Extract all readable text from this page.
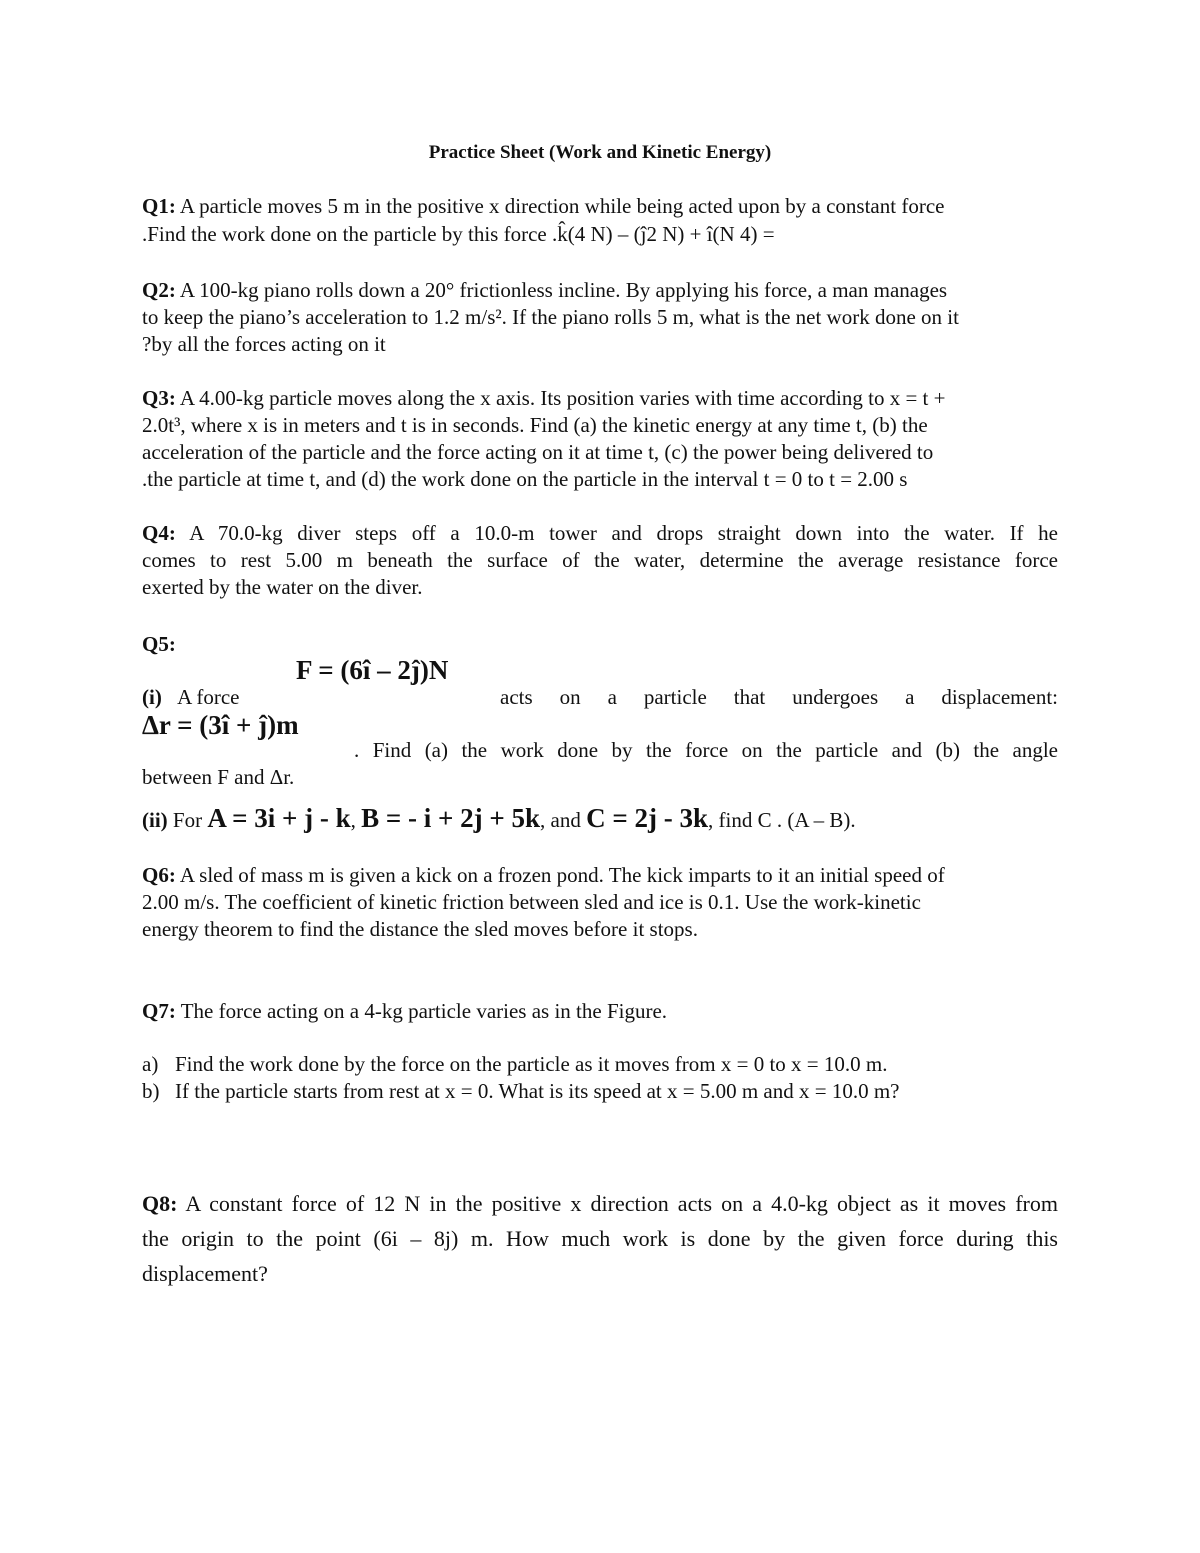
Practice Sheet (Work and Kinetic Energy)
Q1: A particle moves 5 m in the positive x direction while being acted upon by a constant force
.Find the work done on the particle by this force .k̂(4 N) – (ĵ2 N) + î(N 4) =
Q2: A 100-kg piano rolls down a 20° frictionless incline. By applying his force, a man manages
to keep the piano’s acceleration to 1.2 m/s². If the piano rolls 5 m, what is the net work done on it
?by all the forces acting on it
Q3: A 4.00-kg particle moves along the x axis. Its position varies with time according to x = t +
2.0t³, where x is in meters and t is in seconds. Find (a) the kinetic energy at any time t, (b) the
acceleration of the particle and the force acting on it at time t, (c) the power being delivered to
.the particle at time t, and (d) the work done on the particle in the interval t = 0 to t = 2.00 s
Q4: A 70.0-kg diver steps off a 10.0-m tower and drops straight down into the water. If he
comes to rest 5.00 m beneath the surface of the water, determine the average resistance force
exerted by the water on the diver.
Q5:
(i) A force
F = (6î – 2ĵ)N
acts on a particle that undergoes a displacement:
Δr = (3î + ĵ)m
. Find (a) the work done by the force on the particle and (b) the angle
between F and Δr.
(ii) For A = 3i + j - k, B = - i + 2j + 5k, and C = 2j - 3k, find C . (A – B).
Q6: A sled of mass m is given a kick on a frozen pond. The kick imparts to it an initial speed of
2.00 m/s. The coefficient of kinetic friction between sled and ice is 0.1. Use the work-kinetic
energy theorem to find the distance the sled moves before it stops.
Q7: The force acting on a 4-kg particle varies as in the Figure.
a) Find the work done by the force on the particle as it moves from x = 0 to x = 10.0 m.
b) If the particle starts from rest at x = 0. What is its speed at x = 5.00 m and x = 10.0 m?
Q8: A constant force of 12 N in the positive x direction acts on a 4.0-kg object as it moves from
the origin to the point (6i – 8j) m. How much work is done by the given force during this
displacement?
